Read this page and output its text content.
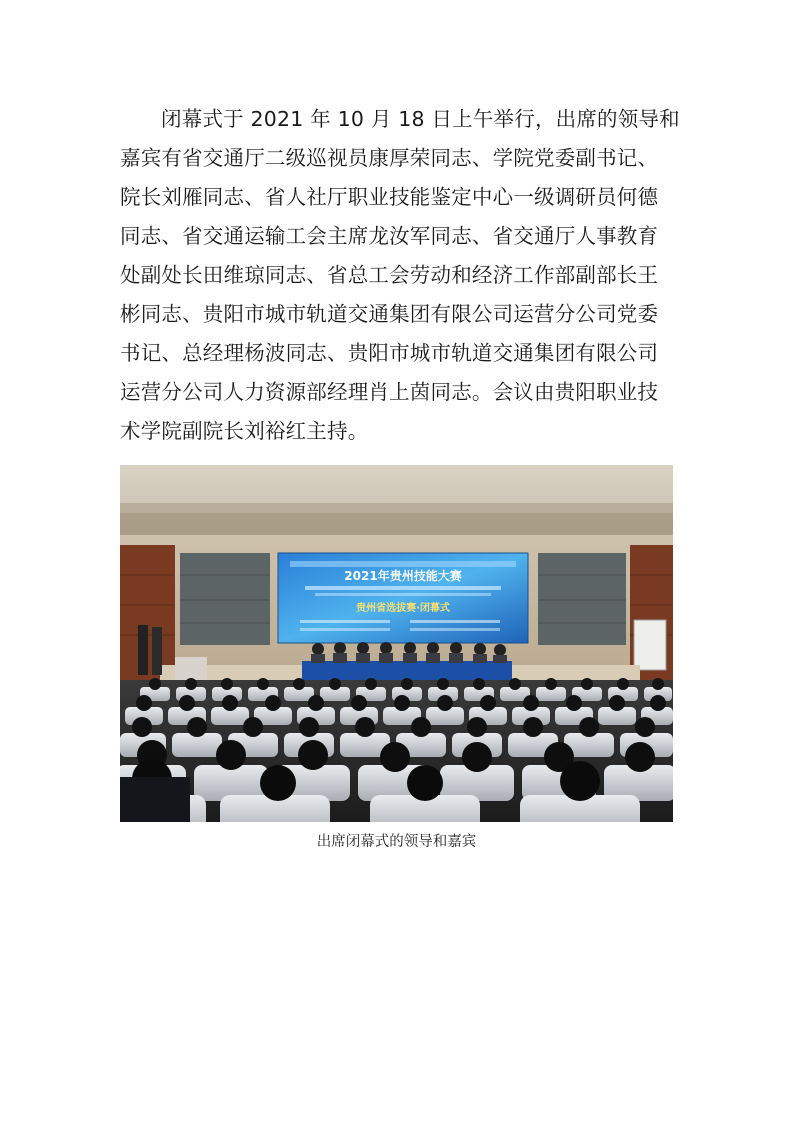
闭幕式于 2021 年 10 月 18 日上午举行，出席的领导和
嘉宾有省交通厅二级巡视员康厚荣同志、学院党委副书记、
院长刘雁同志、省人社厅职业技能鉴定中心一级调研员何德
同志、省交通运输工会主席龙汝军同志、省交通厅人事教育
处副处长田维琼同志、省总工会劳动和经济工作部副部长王
彬同志、贵阳市城市轨道交通集团有限公司运营分公司党委
书记、总经理杨波同志、贵阳市城市轨道交通集团有限公司
运营分公司人力资源部经理肖上茵同志。会议由贵阳职业技
术学院副院长刘裕红主持。
2021年贵州技能大赛
贵州省选拔赛·闭幕式
出席闭幕式的领导和嘉宾
